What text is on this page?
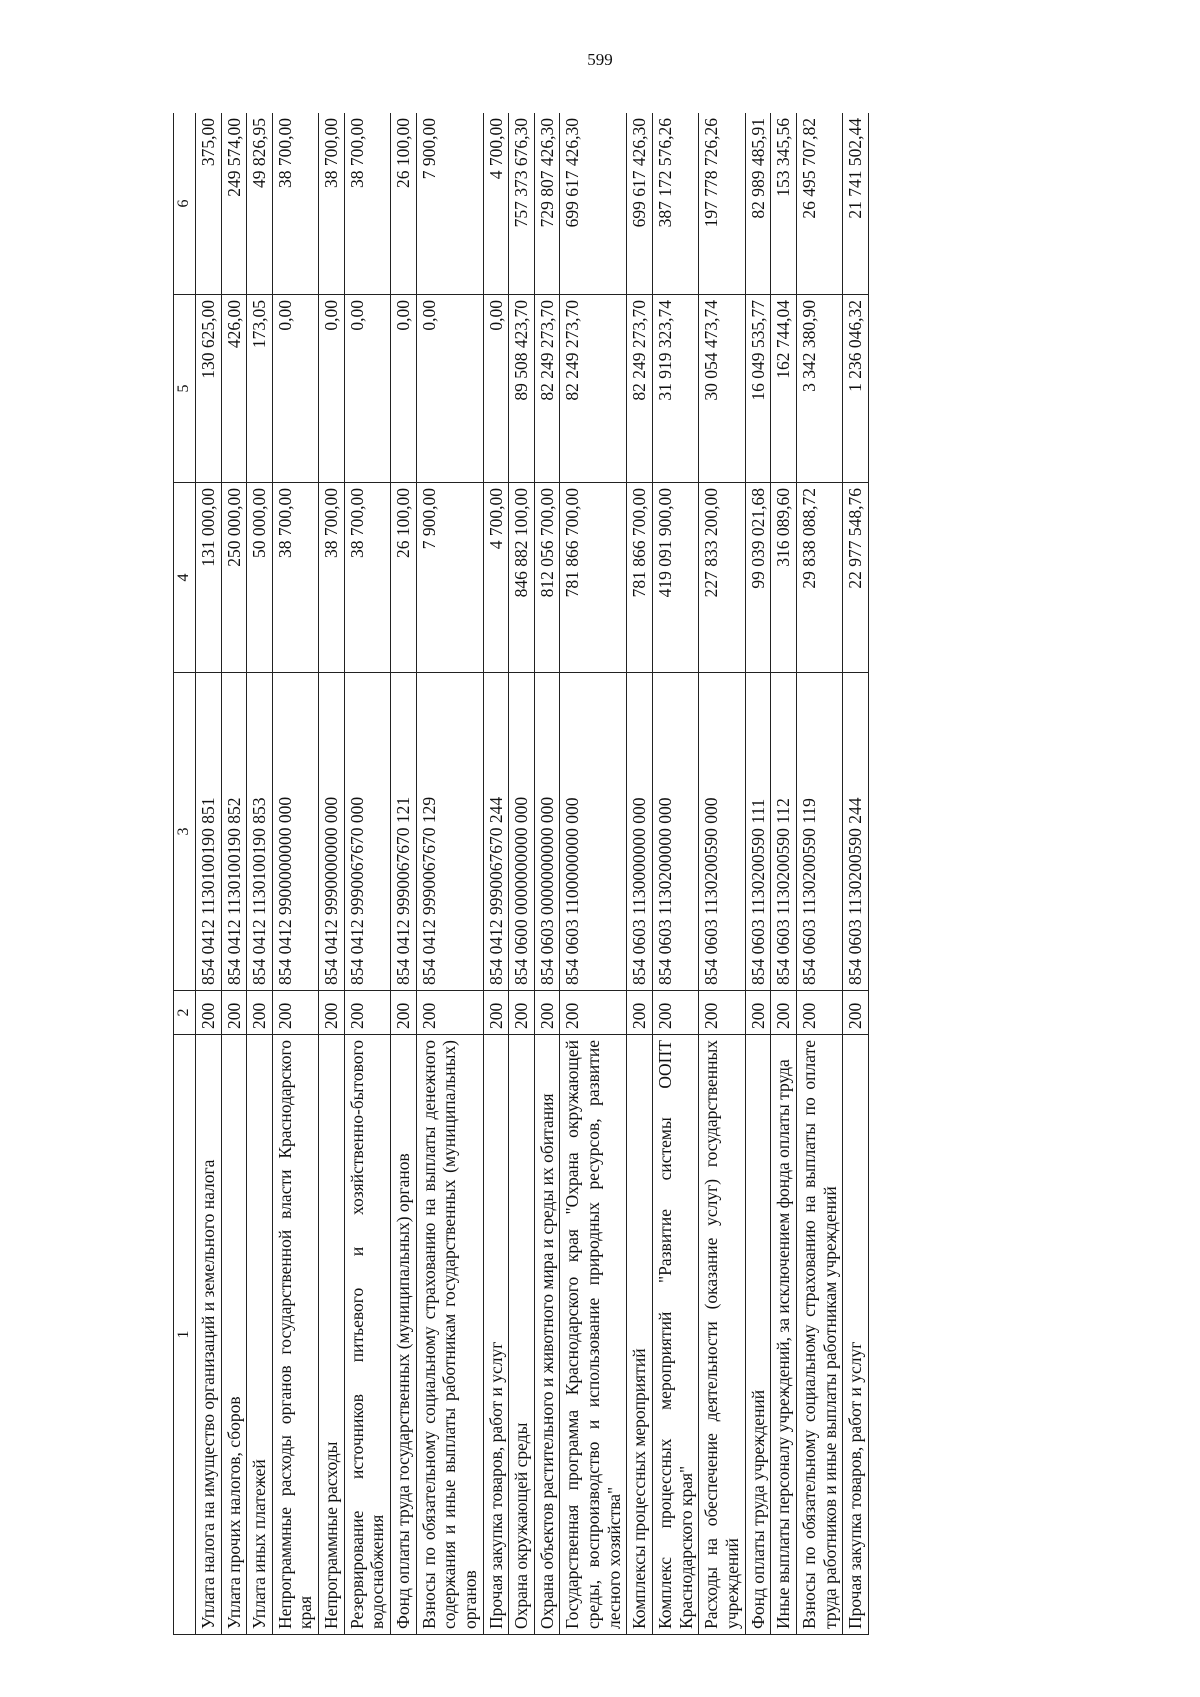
599
1	2	3	4	5	6
Уплата налога на имущество организаций и земельного налога	200	854 0412 1130100190 851	131 000,00	130 625,00	375,00
Уплата прочих налогов, сборов	200	854 0412 1130100190 852	250 000,00	426,00	249 574,00
Уплата иных платежей	200	854 0412 1130100190 853	50 000,00	173,05	49 826,95
Непрограммные расходы органов государственной власти Краснодарского края	200	854 0412 9900000000 000	38 700,00	0,00	38 700,00
Непрограммные расходы	200	854 0412 9990000000 000	38 700,00	0,00	38 700,00
Резервирование источников питьевого и хозяйственно-бытового водоснабжения	200	854 0412 9990067670 000	38 700,00	0,00	38 700,00
Фонд оплаты труда государственных (муниципальных) органов	200	854 0412 9990067670 121	26 100,00	0,00	26 100,00
Взносы по обязательному социальному страхованию на выплаты денежного содержания и иные выплаты работникам государственных (муниципальных) органов	200	854 0412 9990067670 129	7 900,00	0,00	7 900,00
Прочая закупка товаров, работ и услуг	200	854 0412 9990067670 244	4 700,00	0,00	4 700,00
Охрана окружающей среды	200	854 0600 0000000000 000	846 882 100,00	89 508 423,70	757 373 676,30
Охрана объектов растительного и животного мира и среды их обитания	200	854 0603 0000000000 000	812 056 700,00	82 249 273,70	729 807 426,30
Государственная программа Краснодарского края "Охрана окружающей среды, воспроизводство и использование природных ресурсов, развитие лесного хозяйства"	200	854 0603 1100000000 000	781 866 700,00	82 249 273,70	699 617 426,30
Комплексы процессных мероприятий	200	854 0603 1130000000 000	781 866 700,00	82 249 273,70	699 617 426,30
Комплекс процессных мероприятий "Развитие системы ООПТ Краснодарского края"	200	854 0603 1130200000 000	419 091 900,00	31 919 323,74	387 172 576,26
Расходы на обеспечение деятельности (оказание услуг) государственных учреждений	200	854 0603 1130200590 000	227 833 200,00	30 054 473,74	197 778 726,26
Фонд оплаты труда учреждений	200	854 0603 1130200590 111	99 039 021,68	16 049 535,77	82 989 485,91
Иные выплаты персоналу учреждений, за исключением фонда оплаты труда	200	854 0603 1130200590 112	316 089,60	162 744,04	153 345,56
Взносы по обязательному социальному страхованию на выплаты по оплате труда работников и иные выплаты работникам учреждений	200	854 0603 1130200590 119	29 838 088,72	3 342 380,90	26 495 707,82
Прочая закупка товаров, работ и услуг	200	854 0603 1130200590 244	22 977 548,76	1 236 046,32	21 741 502,44
